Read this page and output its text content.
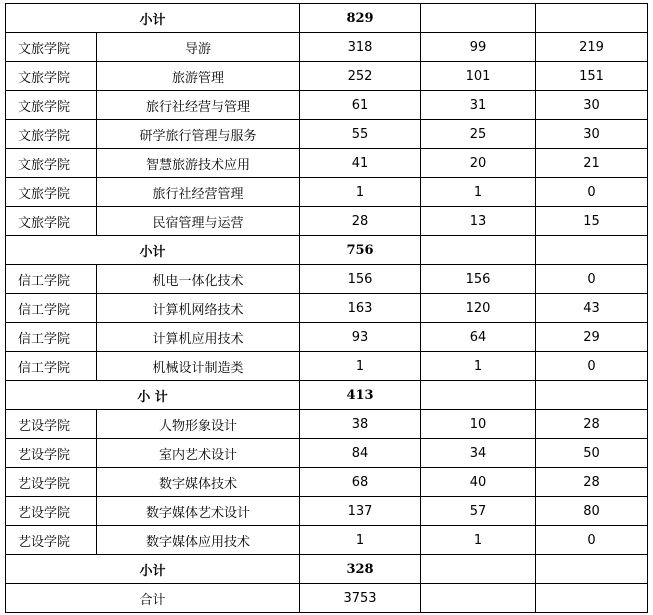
小计		829		
文旅学院	导游	318	99	219
文旅学院	旅游管理	252	101	151
文旅学院	旅行社经营与管理	61	31	30
文旅学院	研学旅行管理与服务	55	25	30
文旅学院	智慧旅游技术应用	41	20	21
文旅学院	旅行社经营管理	1	1	0
文旅学院	民宿管理与运营	28	13	15
小计		756		
信工学院	机电一体化技术	156	156	0
信工学院	计算机网络技术	163	120	43
信工学院	计算机应用技术	93	64	29
信工学院	机械设计制造类	1	1	0
小 计		413		
艺设学院	人物形象设计	38	10	28
艺设学院	室内艺术设计	84	34	50
艺设学院	数字媒体技术	68	40	28
艺设学院	数字媒体艺术设计	137	57	80
艺设学院	数字媒体应用技术	1	1	0
小计		328		
合计		3753		
